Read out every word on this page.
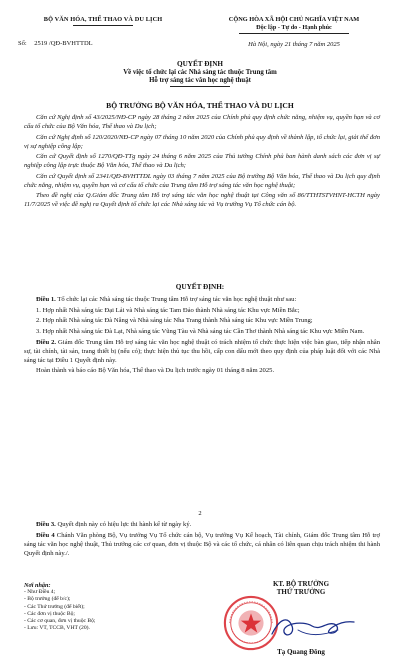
BỘ VĂN HÓA, THỂ THAO VÀ DU LỊCH	CỘNG HÒA XÃ HỘI CHỦ NGHĨA VIỆT NAM
Độc lập - Tự do - Hạnh phúc
Số: 2519 /QĐ-BVHTTDL	Hà Nội, ngày 21 tháng 7 năm 2025
QUYẾT ĐỊNH
Về việc tổ chức lại các Nhà sáng tác thuộc Trung tâm
Hỗ trợ sáng tác văn học nghệ thuật
BỘ TRƯỞNG BỘ VĂN HÓA, THỂ THAO VÀ DU LỊCH

Căn cứ Nghị định số 43/2025/NĐ-CP ngày 28 tháng 2 năm 2025 của Chính phủ quy định chức năng, nhiệm vụ, quyền hạn và cơ cấu tổ chức của Bộ Văn hóa, Thể thao và Du lịch;

Căn cứ Nghị định số 120/2020/NĐ-CP ngày 07 tháng 10 năm 2020 của Chính phủ quy định về thành lập, tổ chức lại, giải thể đơn vị sự nghiệp công lập;

Căn cứ Quyết định số 1270/QĐ-TTg ngày 24 tháng 6 năm 2025 của Thủ tướng Chính phủ ban hành danh sách các đơn vị sự nghiệp công lập trực thuộc Bộ Văn hóa, Thể thao và Du lịch;

Căn cứ Quyết định số 2341/QĐ-BVHTTDL ngày 03 tháng 7 năm 2025 của Bộ trưởng Bộ Văn hóa, Thể thao và Du lịch quy định chức năng, nhiệm vụ, quyền hạn và cơ cấu tổ chức của Trung tâm Hỗ trợ sáng tác văn học nghệ thuật;

Theo đề nghị của Q.Giám đốc Trung tâm Hỗ trợ sáng tác văn học nghệ thuật tại Công văn số 86/TTHTSTVHNT-HCTH ngày 11/7/2025 về việc đề nghị ra Quyết định tổ chức lại các Nhà sáng tác và Vụ trưởng Vụ Tổ chức cán bộ.

QUYẾT ĐỊNH:

Điều 1. Tổ chức lại các Nhà sáng tác thuộc Trung tâm Hỗ trợ sáng tác văn học nghệ thuật như sau:

1. Hợp nhất Nhà sáng tác Đại Lải và Nhà sáng tác Tam Đảo thành Nhà sáng tác Khu vực Miền Bắc;

2. Hợp nhất Nhà sáng tác Đà Nẵng và Nhà sáng tác Nha Trang thành Nhà sáng tác Khu vực Miền Trung;

3. Hợp nhất Nhà sáng tác Đà Lạt, Nhà sáng tác Vũng Tàu và Nhà sáng tác Cần Thơ thành Nhà sáng tác Khu vực Miền Nam.

Điều 2. Giám đốc Trung tâm Hỗ trợ sáng tác văn học nghệ thuật có trách nhiệm tổ chức thực hiện việc bàn giao, tiếp nhận nhân sự, tài chính, tài sản, trang thiết bị (nếu có); thực hiện thủ tục thu hồi, cấp con dấu mới theo quy định của pháp luật đối với các Nhà sáng tác tại Điều 1 Quyết định này.

Hoàn thành và báo cáo Bộ Văn hóa, Thể thao và Du lịch trước ngày 01 tháng 8 năm 2025.

2

Điều 3. Quyết định này có hiệu lực thi hành kể từ ngày ký.

Điều 4 Chánh Văn phòng Bộ, Vụ trưởng Vụ Tổ chức cán bộ, Vụ trưởng Vụ Kế hoạch, Tài chính, Giám đốc Trung tâm Hỗ trợ sáng tác văn học nghệ thuật, Thủ trưởng các cơ quan, đơn vị thuộc Bộ và các tổ chức, cá nhân có liên quan chịu trách nhiệm thi hành Quyết định này./.

Nơi nhận:
- Như Điều 4;
- Bộ trưởng (để b/c);
- Các Thứ trưởng (để biết);
- Các đơn vị thuộc Bộ;
- Các cơ quan, đơn vị thuộc Bộ;
- Lưu: VT, TCCB, VHT (20).
KT. BỘ TRƯỞNG
THỨ TRƯỞNG
Tạ Quang Đông
